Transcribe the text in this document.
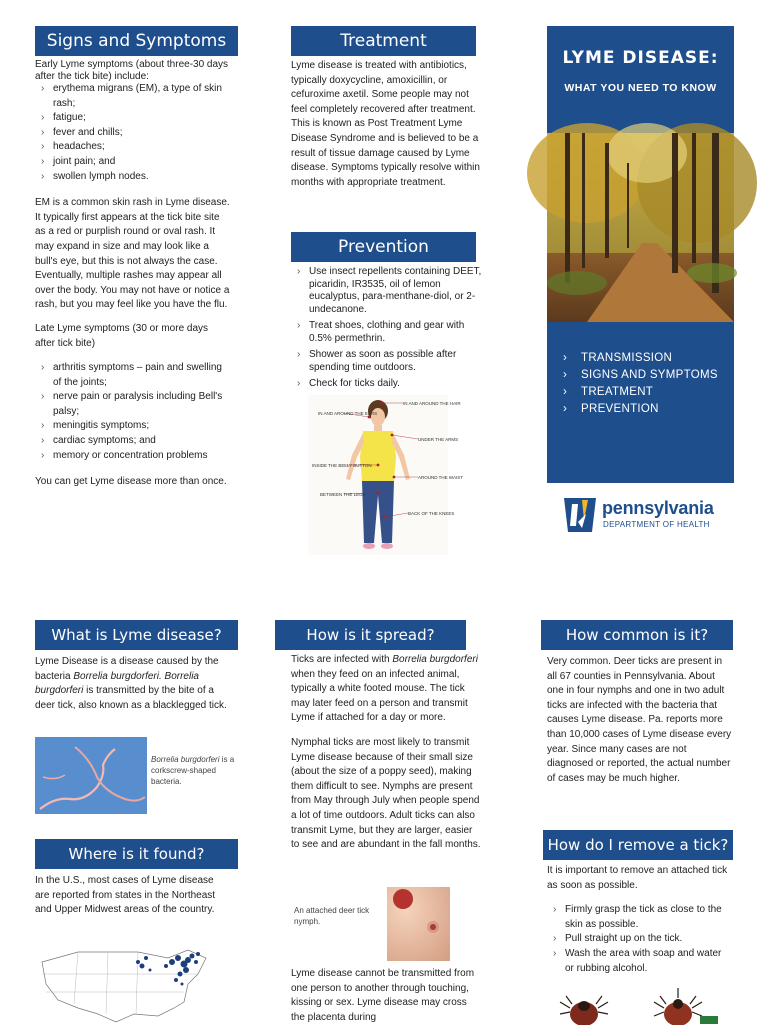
Signs and Symptoms

Early Lyme symptoms (about three-30 days after the tick bite) include:

› erythema migrans (EM), a type of skin rash;
› fatigue;
› fever and chills;
› headaches;
› joint pain; and
› swollen lymph nodes.

EM is a common skin rash in Lyme disease. It typically first appears at the tick bite site as a red or purplish round or oval rash. It may expand in size and may look like a bull's eye, but this is not always the case. Eventually, multiple rashes may appear all over the body. You may not have or notice a rash, but you may feel like you have the flu.

Late Lyme symptoms (30 or more days after tick bite)

› arthritis symptoms – pain and swelling of the joints;
› nerve pain or paralysis including Bell's palsy;
› meningitis symptoms;
› cardiac symptoms; and
› memory or concentration problems

You can get Lyme disease more than once.

Treatment
Lyme disease is treated with antibiotics, typically doxycycline, amoxicillin, or cefuroxime axetil. Some people may not feel completely recovered after treatment. This is known as Post Treatment Lyme Disease Syndrome and is believed to be a result of tissue damage caused by Lyme disease. Symptoms typically resolve within months with appropriate treatment.
Prevention
› Use insect repellents containing DEET, picaridin, IR3535, oil of lemon eucalyptus, para-menthane-diol, or 2-undecanone.
› Treat shoes, clothing and gear with 0.5% permethrin.
› Shower as soon as possible after spending time outdoors.
› Check for ticks daily.
IN AND AROUND THE HAIR
IN AND AROUND THE EARS
UNDER THE ARMS
INSIDE THE BELLY BUTTON
AROUND THE WAIST
BETWEEN THE LEGS
BACK OF THE KNEES
LYME DISEASE:
WHAT YOU NEED TO KNOW
› TRANSMISSION
› SIGNS AND SYMPTOMS
› TREATMENT
› PREVENTION
pennsylvania
DEPARTMENT OF HEALTH
What is Lyme disease?
Lyme Disease is a disease caused by the bacteria Borrelia burgdorferi. Borrelia burgdorferi is transmitted by the bite of a deer tick, also known as a blacklegged tick.
Borrelia burgdorferi is a corkscrew-shaped bacteria.
Where is it found?
In the U.S., most cases of Lyme disease are reported from states in the Northeast and Upper Midwest areas of the country.
How is it spread?

Ticks are infected with Borrelia burgdorferi when they feed on an infected animal, typically a white footed mouse. The tick may later feed on a person and transmit Lyme if attached for a day or more.

Nymphal ticks are most likely to transmit Lyme disease because of their small size (about the size of a poppy seed), making them difficult to see. Nymphs are present from May through July when people spend a lot of time outdoors. Adult ticks can also transmit Lyme, but they are larger, easier to see and are abundant in the fall months.

An attached deer tick nymph.
Lyme disease cannot be transmitted from one person to another through touching, kissing or sex. Lyme disease may cross the placenta during
How common is it?
Very common. Deer ticks are present in all 67 counties in Pennsylvania. About one in four nymphs and one in two adult ticks are infected with the bacteria that causes Lyme disease. Pa. reports more than 10,000 cases of Lyme disease every year. Since many cases are not diagnosed or reported, the actual number of cases may be much higher.
How do I remove a tick?

It is important to remove an attached tick as soon as possible.

› Firmly grasp the tick as close to the skin as possible.
› Pull straight up on the tick.
› Wash the area with soap and water or rubbing alcohol.
